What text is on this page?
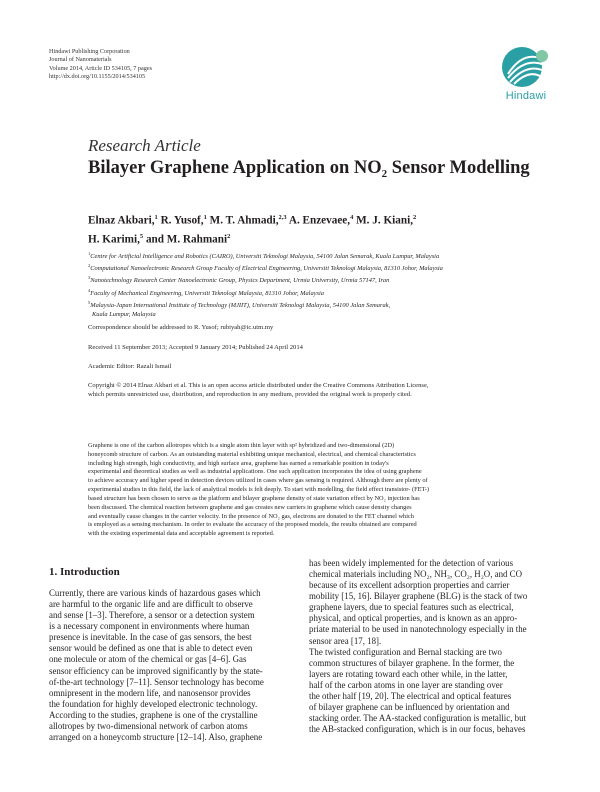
Hindawi Publishing Corporation
Journal of Nanomaterials
Volume 2014, Article ID 534105, 7 pages
http://dx.doi.org/10.1155/2014/534105
Hindawi
Research Article
Bilayer Graphene Application on $NO_2$ Sensor Modelling
Elnaz Akbari,$^1$ R. Yusof,$^1$ M. T. Ahmadi,$^{2,3}$ A. Enzevaee,$^4$ M. J. Kiani,$^2$
H. Karimi,$^5$ and M. Rahmani$^2$
$^1$Centre for Artificial Intelligence and Robotics (CAIRO), Universiti Teknologi Malaysia, 54100 Jalan Semarak, Kuala Lumpur, Malaysia
$^2$Computational Nanoelectronic Research Group Faculty of Electrical Engineering, Universiti Teknologi Malaysia, 81310 Johor, Malaysia
$^3$Nanotechnology Research Center Nanoelectronic Group, Physics Department, Urmia University, Urmia 57147, Iran
$^4$Faculty of Mechanical Engineering, Universiti Teknologi Malaysia, 81310 Johor, Malaysia
$^5$Malaysia-Japan International Institute of Technology (MJIIT), Universiti Teknologi Malaysia, 54100 Jalan Semarak,
Kuala Lumpur, Malaysia
Correspondence should be addressed to R. Yusof; rubiyah@ic.utm.my
Received 11 September 2013; Accepted 9 January 2014; Published 24 April 2014
Academic Editor: Razali Ismail
Copyright © 2014 Elnaz Akbari et al. This is an open access article distributed under the Creative Commons Attribution License,
which permits unrestricted use, distribution, and reproduction in any medium, provided the original work is properly cited.
Graphene is one of the carbon allotropes which is a single atom thin layer with sp² hybridized and two-dimensional (2D)
honeycomb structure of carbon. As an outstanding material exhibiting unique mechanical, electrical, and chemical characteristics
including high strength, high conductivity, and high surface area, graphene has earned a remarkable position in today's
experimental and theoretical studies as well as industrial applications. One such application incorporates the idea of using graphene
to achieve accuracy and higher speed in detection devices utilized in cases where gas sensing is required. Although there are plenty of
experimental studies in this field, the lack of analytical models is felt deeply. To start with modelling, the field effect transistor- (FET-)
based structure has been chosen to serve as the platform and bilayer graphene density of state variation effect by NO₂ injection has
been discussed. The chemical reaction between graphene and gas creates new carriers in graphene which cause density changes
and eventually cause changes in the carrier velocity. In the presence of NO₂ gas, electrons are donated to the FET channel which
is employed as a sensing mechanism. In order to evaluate the accuracy of the proposed models, the results obtained are compared
with the existing experimental data and acceptable agreement is reported.
1. Introduction
Currently, there are various kinds of hazardous gases which
are harmful to the organic life and are difficult to observe
and sense [1–3]. Therefore, a sensor or a detection system
is a necessary component in environments where human
presence is inevitable. In the case of gas sensors, the best
sensor would be defined as one that is able to detect even
one molecule or atom of the chemical or gas [4–6]. Gas
sensor efficiency can be improved significantly by the state-
of-the-art technology [7–11]. Sensor technology has become
omnipresent in the modern life, and nanosensor provides
the foundation for highly developed electronic technology.
According to the studies, graphene is one of the crystalline
allotropes by two-dimensional network of carbon atoms
arranged on a honeycomb structure [12–14]. Also, graphene
has been widely implemented for the detection of various
chemical materials including NO₂, NH₃, CO₂, H₂O, and CO
because of its excellent adsorption properties and carrier
mobility [15, 16]. Bilayer graphene (BLG) is the stack of two
graphene layers, due to special features such as electrical,
physical, and optical properties, and is known as an appro-
priate material to be used in nanotechnology especially in the
sensor area [17, 18].
The twisted configuration and Bernal stacking are two
common structures of bilayer graphene. In the former, the
layers are rotating toward each other while, in the latter,
half of the carbon atoms in one layer are standing over
the other half [19, 20]. The electrical and optical features
of bilayer graphene can be influenced by orientation and
stacking order. The AA-stacked configuration is metallic, but
the AB-stacked configuration, which is in our focus, behaves
